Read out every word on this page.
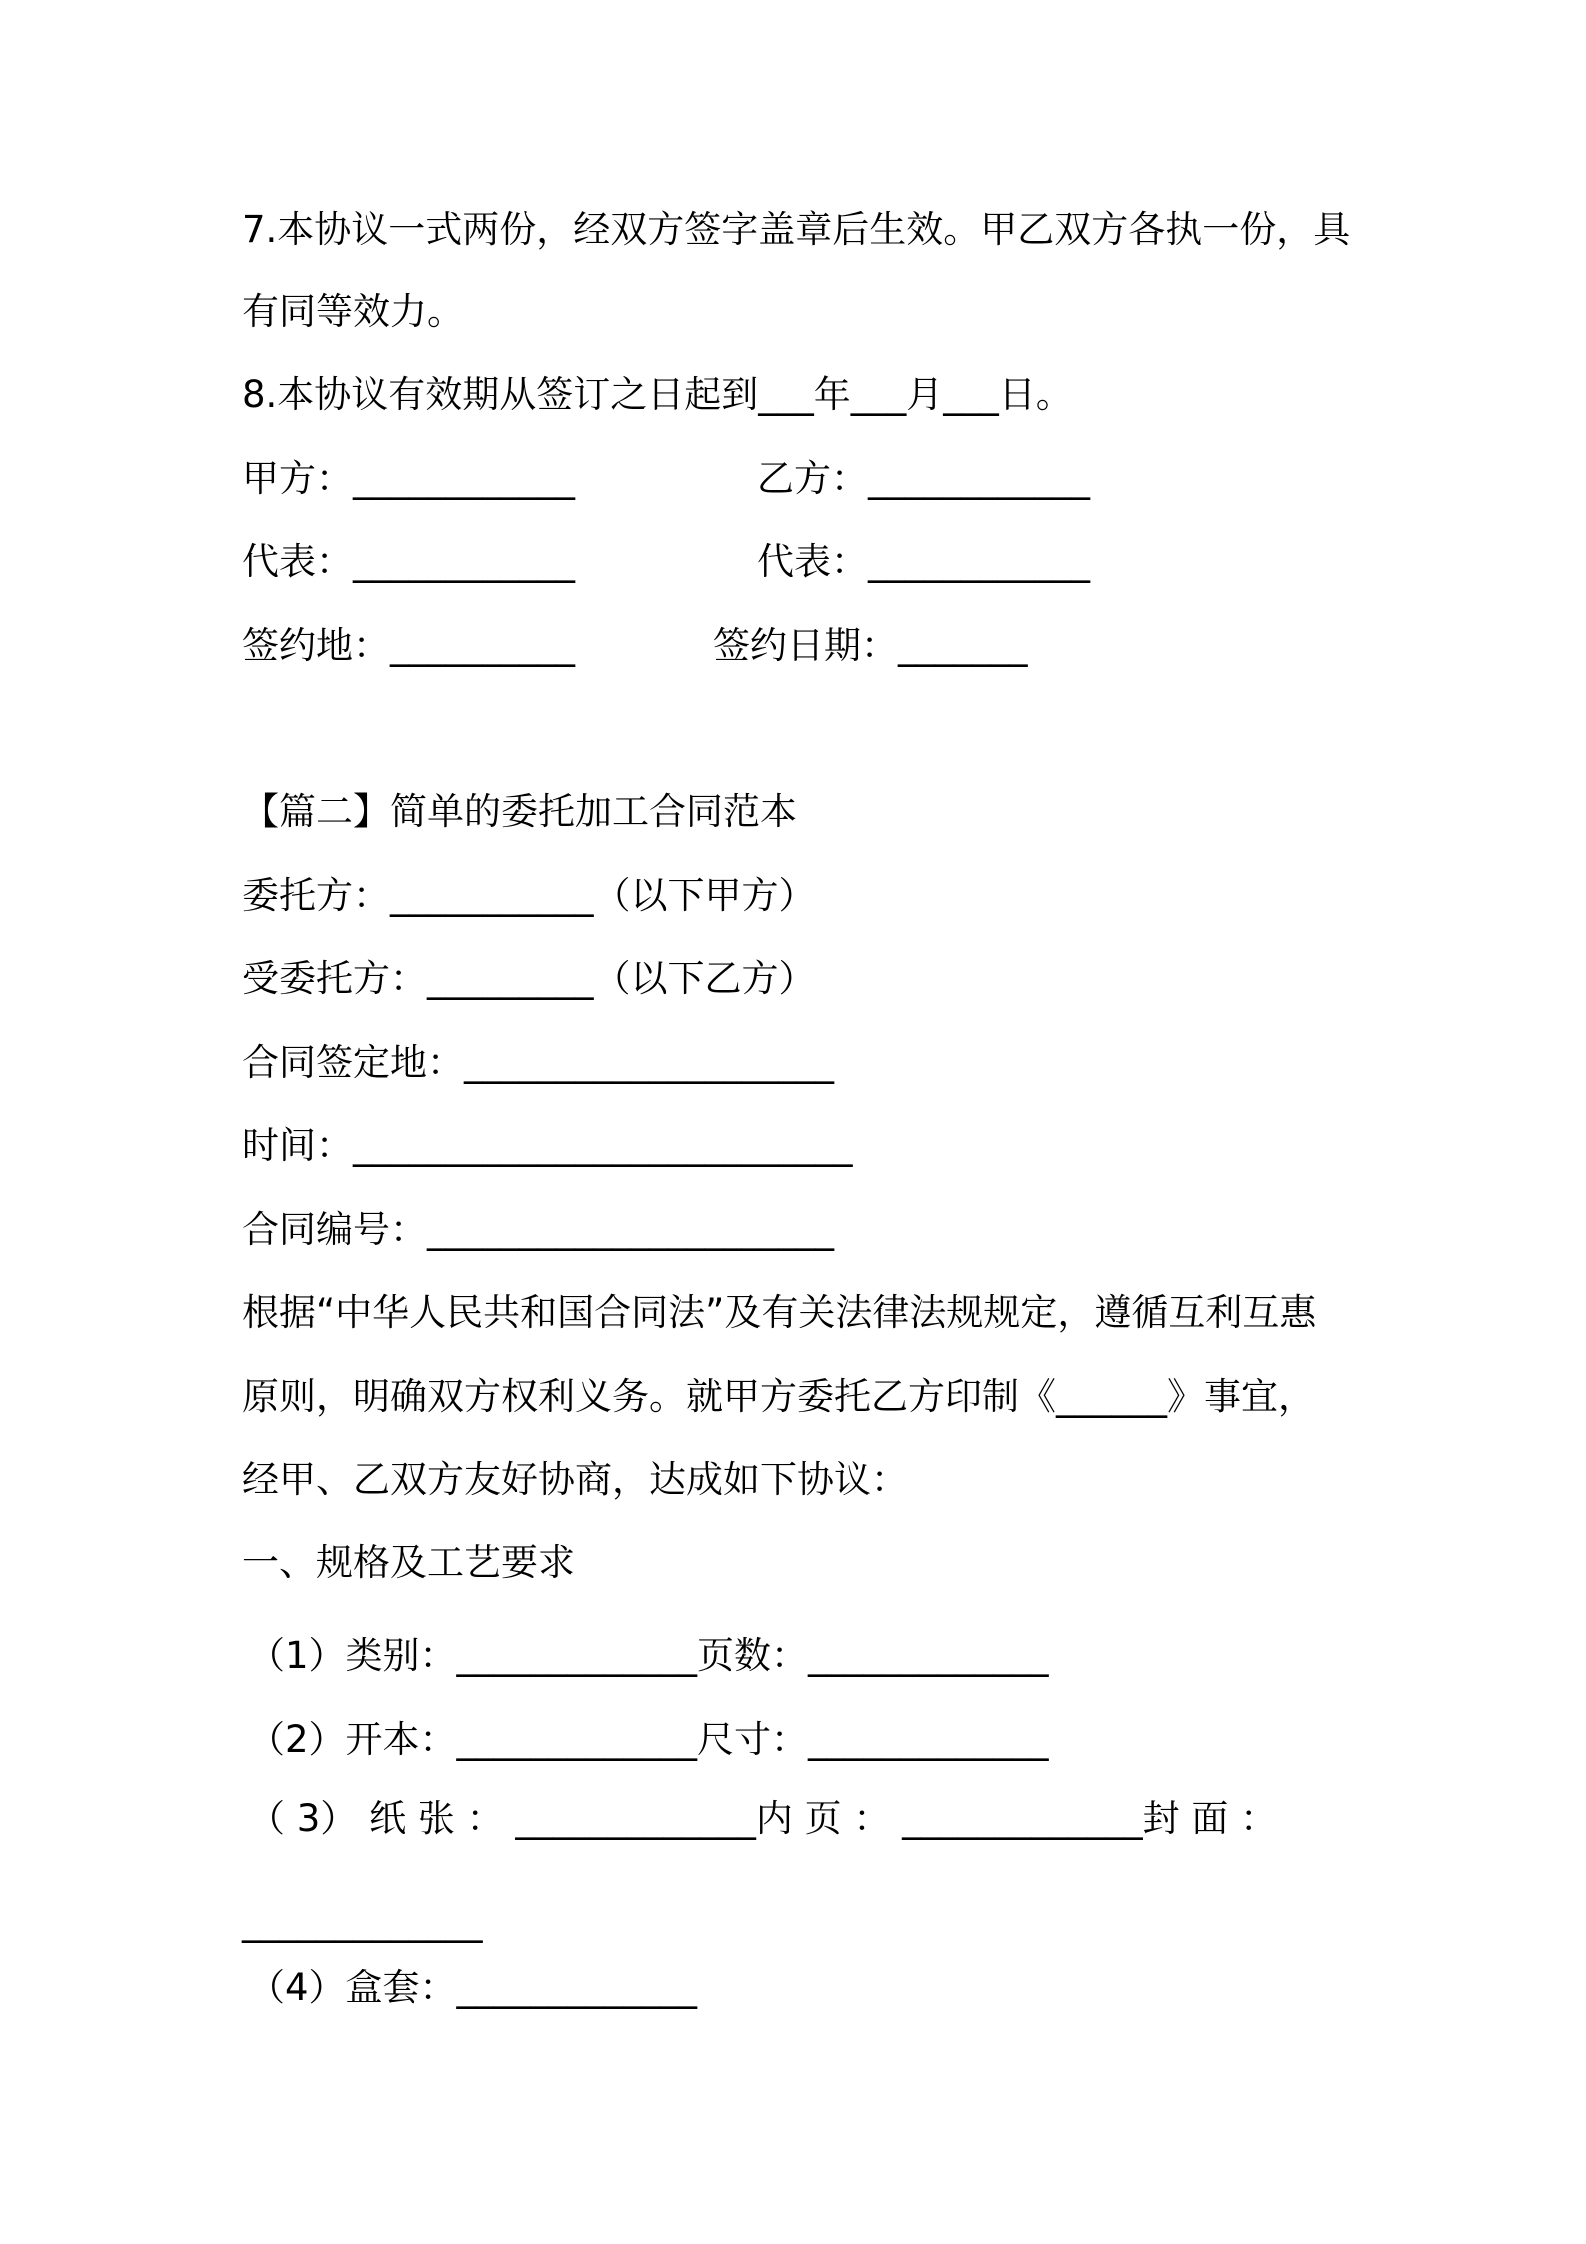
7.本协议一式两份，经双方签字盖章后生效。甲乙双方各执一份，具
有同等效力。
8.本协议有效期从签订之日起到___年___月___日。
甲方：____________	乙方：____________
代表：____________	代表：____________
签约地：__________	签约日期：_______
【篇二】简单的委托加工合同范本
委托方：___________（以下甲方）
受委托方：_________（以下乙方）
合同签定地：____________________
时间：___________________________
合同编号：______________________
根据“中华人民共和国合同法”及有关法律法规规定，遵循互利互惠
原则，明确双方权利义务。就甲方委托乙方印制《______》事宜，
经甲、乙双方友好协商，达成如下协议：
一、规格及工艺要求
（1）类别：_____________页数：_____________
（2）开本：_____________尺寸：_____________
（ 3） 纸 张 ： _____________内 页 ： _____________封 面 ：
_____________
（4）盒套：_____________
